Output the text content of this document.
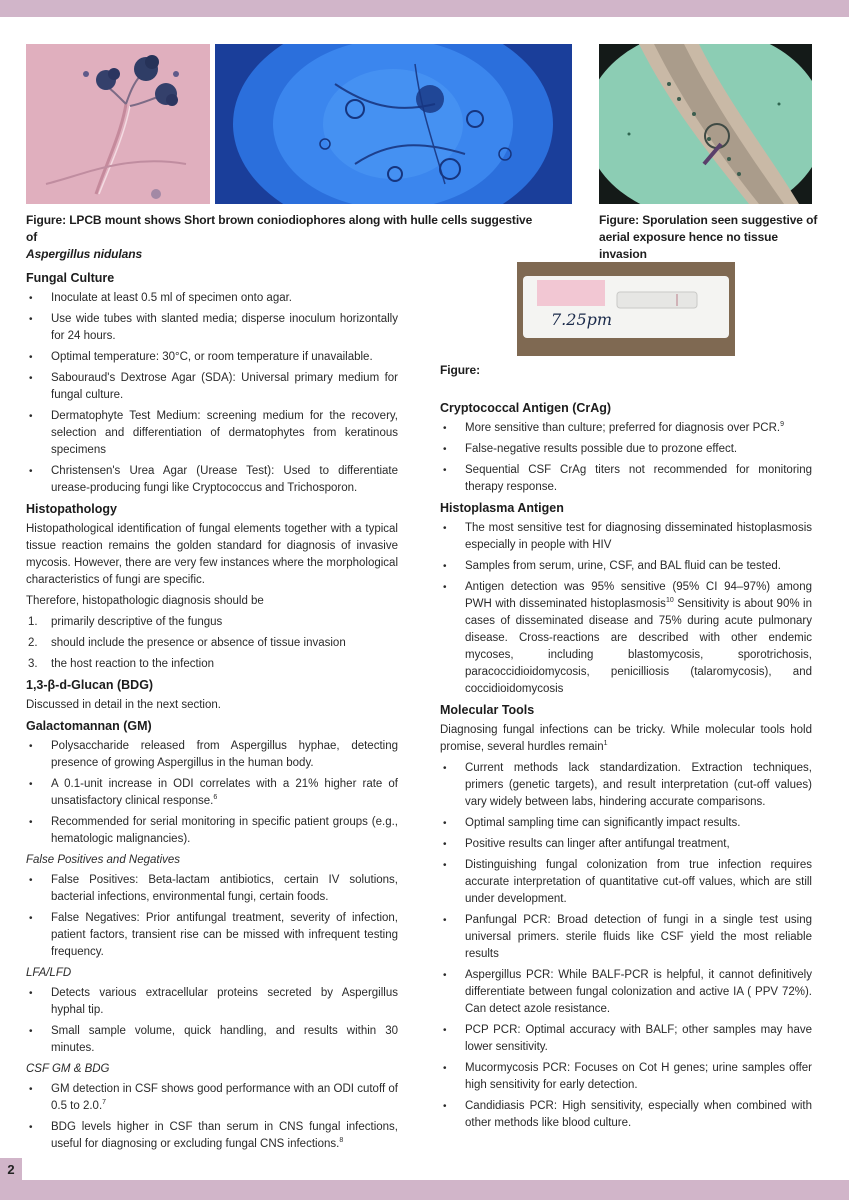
7.25pm
Figure: LPCB mount shows Short brown coniodiophores along with hulle cells suggestive of
Aspergillus nidulans
Figure: Sporulation seen suggestive of
aerial exposure hence no tissue invasion
Figure:
Fungal Culture
• Inoculate at least 0.5 ml of specimen onto agar.
• Use wide tubes with slanted media; disperse inoculum horizontally for 24 hours.
• Optimal temperature: 30°C, or room temperature if unavailable.
• Sabouraud's Dextrose Agar (SDA): Universal primary medium for fungal culture.
• Dermatophyte Test Medium: screening medium for the recovery, selection and differentiation of dermatophytes from keratinous specimens
• Christensen's Urea Agar (Urease Test): Used to differentiate urease-producing fungi like Cryptococcus and Trichosporon.
Histopathology

Histopathological identification of fungal elements together with a typical tissue reaction remains the golden standard for diagnosis of invasive mycosis. However, there are very few instances where the morphological characteristics of fungi are specific.

Therefore, histopathologic diagnosis should be

1. primarily descriptive of the fungus
2. should include the presence or absence of tissue invasion
3. the host reaction to the infection
1,3-β-d-Glucan (BDG)

Discussed in detail in the next section.

Galactomannan (GM)
• Polysaccharide released from Aspergillus hyphae, detecting presence of growing Aspergillus in the human body.
• A 0.1-unit increase in ODI correlates with a 21% higher rate of unsatisfactory clinical response.$^6$
• Recommended for serial monitoring in specific patient groups (e.g., hematologic malignancies).
False Positives and Negatives
• False Positives: Beta-lactam antibiotics, certain IV solutions, bacterial infections, environmental fungi, certain foods.
• False Negatives: Prior antifungal treatment, severity of infection, patient factors, transient rise can be missed with infrequent testing frequency.
LFA/LFD
• Detects various extracellular proteins secreted by Aspergillus hyphal tip.
• Small sample volume, quick handling, and results within 30 minutes.
CSF GM & BDG
• GM detection in CSF shows good performance with an ODI cutoff of 0.5 to 2.0.$^7$
• BDG levels higher in CSF than serum in CNS fungal infections, useful for diagnosing or excluding fungal CNS infections.$^8$
Cryptococcal Antigen (CrAg)
• More sensitive than culture; preferred for diagnosis over PCR.$^9$
• False-negative results possible due to prozone effect.
• Sequential CSF CrAg titers not recommended for monitoring therapy response.
Histoplasma Antigen
• The most sensitive test for diagnosing disseminated histoplasmosis especially in people with HIV
• Samples from serum, urine, CSF, and BAL fluid can be tested.
• Antigen detection was 95% sensitive (95% CI 94–97%) among PWH with disseminated histoplasmosis$^{10}$ Sensitivity is about 90% in cases of disseminated disease and 75% during acute pulmonary disease. Cross-reactions are described with other endemic mycoses, including blastomycosis, sporotrichosis, paracoccidioidomycosis, penicilliosis (talaromycosis), and coccidioidomycosis
Molecular Tools

Diagnosing fungal infections can be tricky. While molecular tools hold promise, several hurdles remain$^1$

• Current methods lack standardization. Extraction techniques, primers (genetic targets), and result interpretation (cut-off values) vary widely between labs, hindering accurate comparisons.
• Optimal sampling time can significantly impact results.
• Positive results can linger after antifungal treatment,
• Distinguishing fungal colonization from true infection requires accurate interpretation of quantitative cut-off values, which are still under development.
• Panfungal PCR: Broad detection of fungi in a single test using universal primers. sterile fluids like CSF yield the most reliable results
• Aspergillus PCR: While BALF-PCR is helpful, it cannot definitively differentiate between fungal colonization and active IA ( PPV 72%). Can detect azole resistance.
• PCP PCR: Optimal accuracy with BALF; other samples may have lower sensitivity.
• Mucormycosis PCR: Focuses on Cot H genes; urine samples offer high sensitivity for early detection.
• Candidiasis PCR: High sensitivity, especially when combined with other methods like blood culture.
2
